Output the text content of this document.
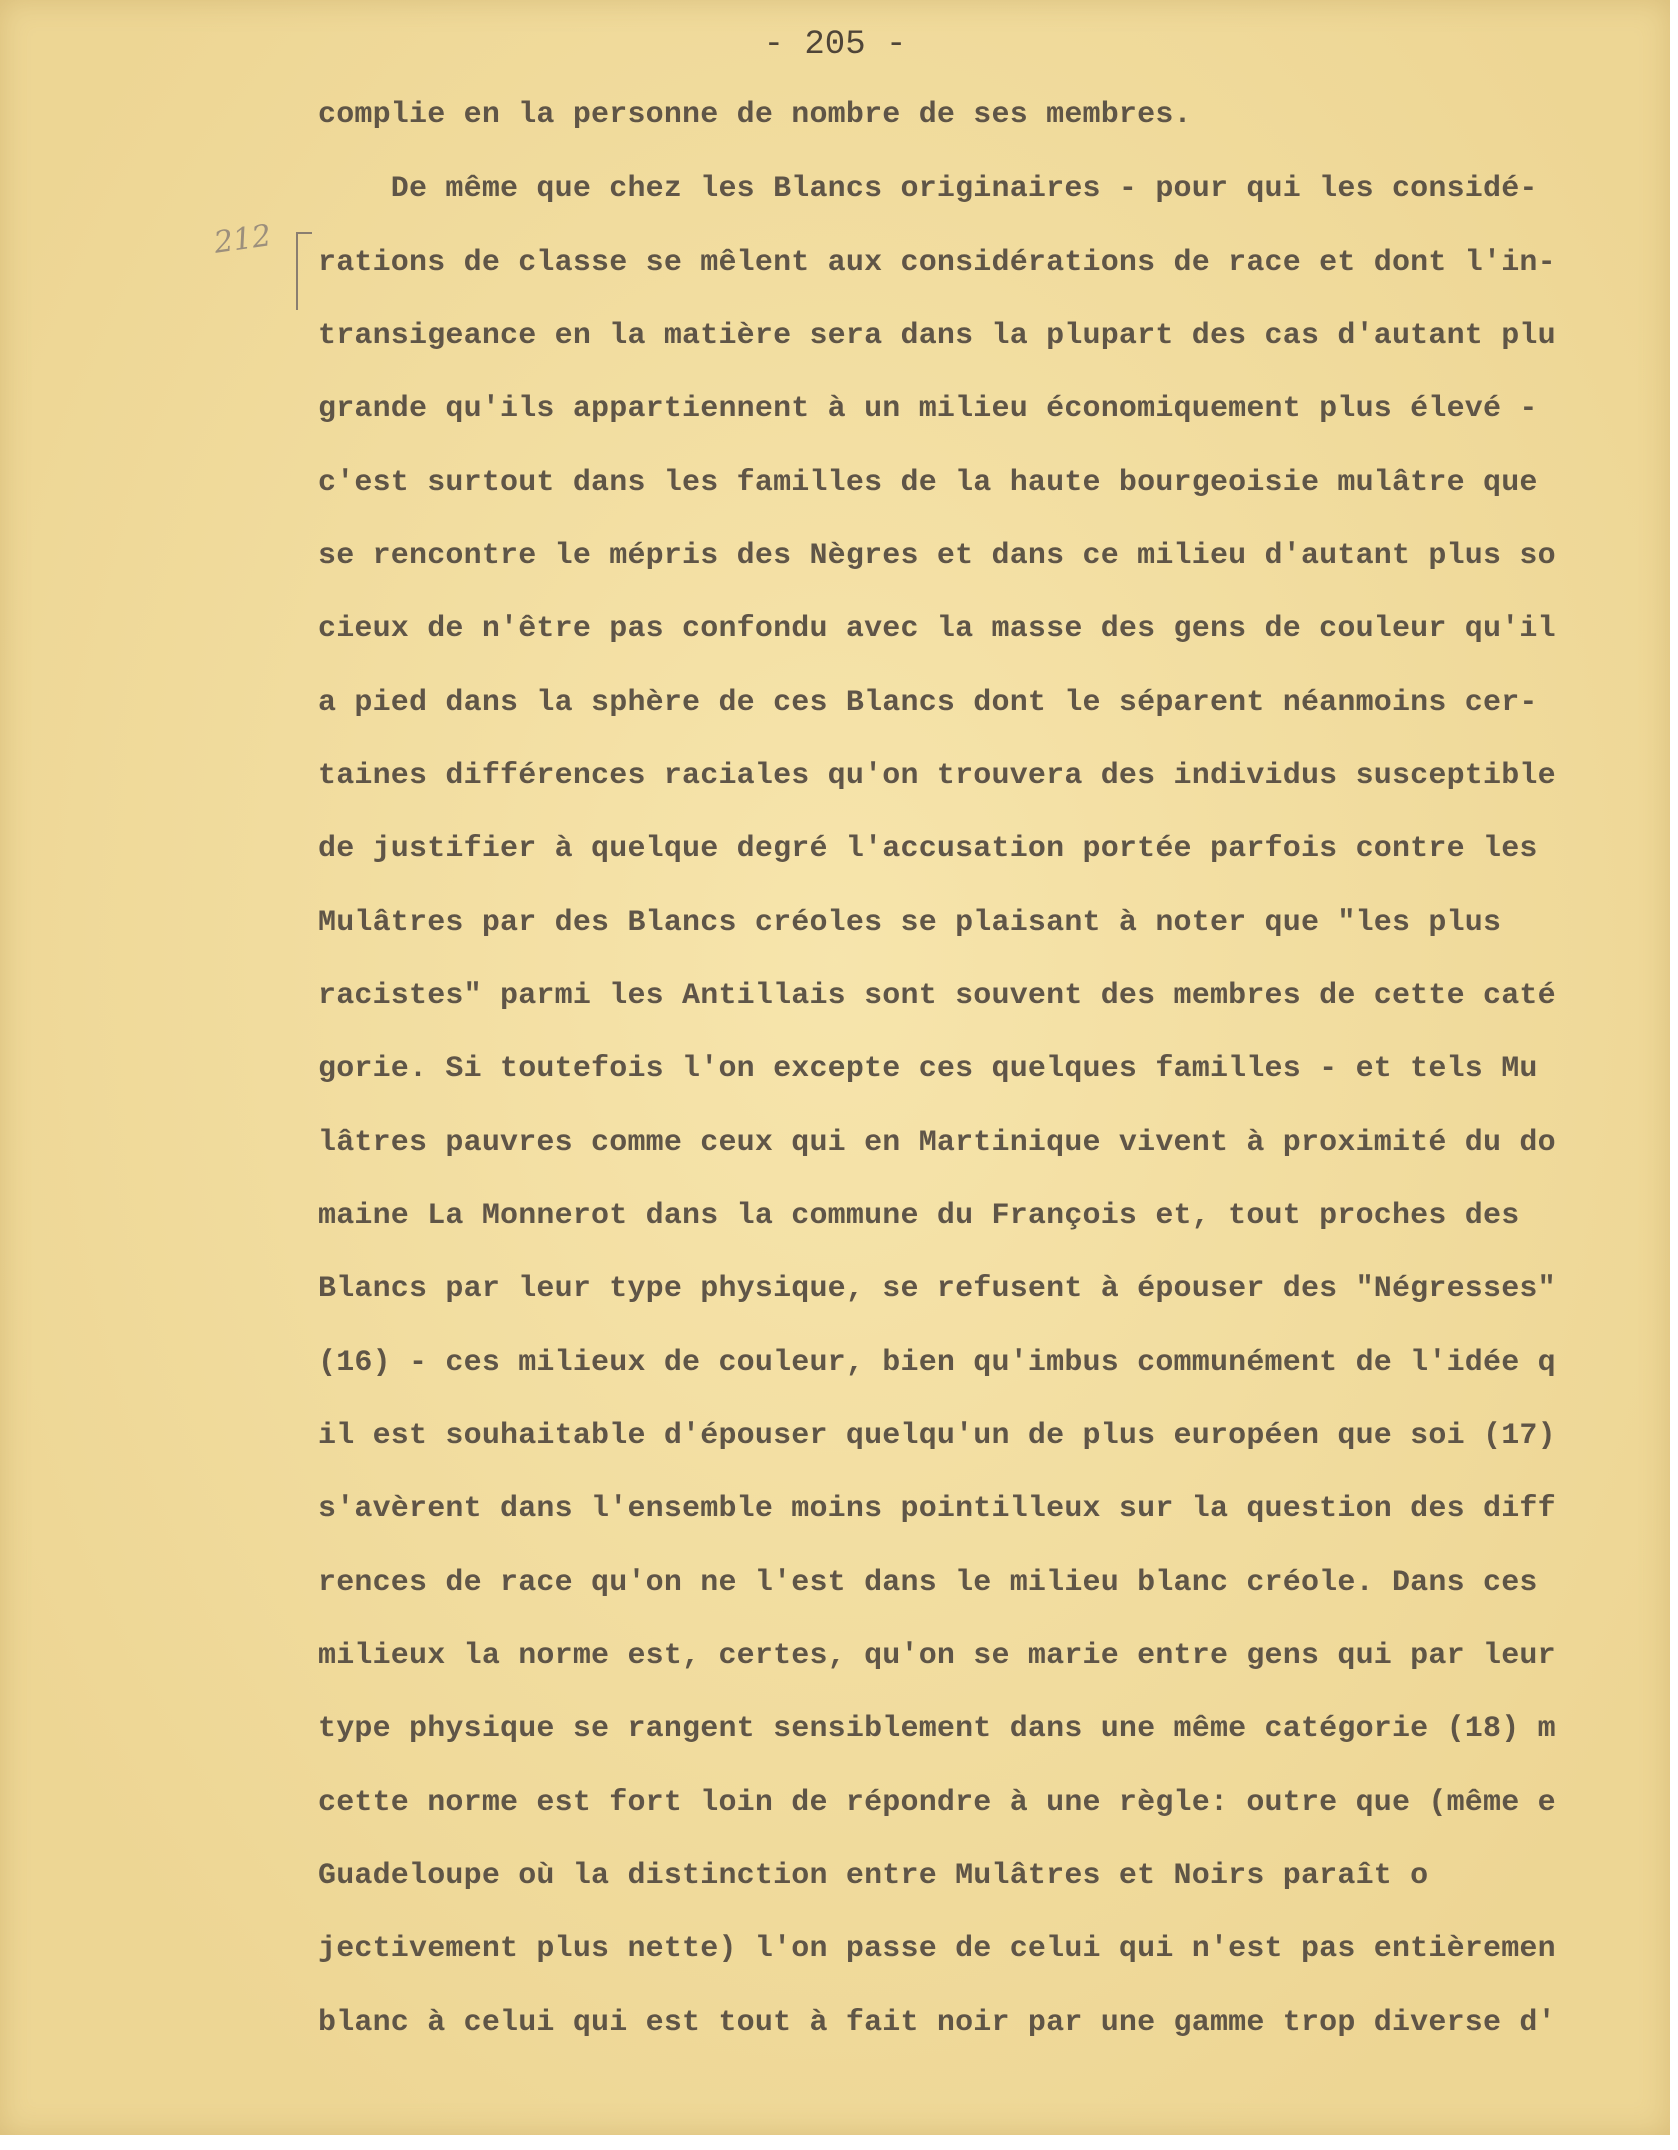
- 205 -
212

complie en la personne de nombre de ses membres.

De même que chez les Blancs originaires - pour qui les considé-

rations de classe se mêlent aux considérations de race et dont l'in-

transigeance en la matière sera dans la plupart des cas d'autant plu

grande qu'ils appartiennent à un milieu économiquement plus élevé -

c'est surtout dans les familles de la haute bourgeoisie mulâtre que

se rencontre le mépris des Nègres et dans ce milieu d'autant plus so

cieux de n'être pas confondu avec la masse des gens de couleur qu'il

a pied dans la sphère de ces Blancs dont le séparent néanmoins cer-

taines différences raciales qu'on trouvera des individus susceptible

de justifier à quelque degré l'accusation portée parfois contre les

Mulâtres par des Blancs créoles se plaisant à noter que "les plus

racistes" parmi les Antillais sont souvent des membres de cette caté

gorie. Si toutefois l'on excepte ces quelques familles - et tels Mu

lâtres pauvres comme ceux qui en Martinique vivent à proximité du do

maine La Monnerot dans la commune du François et, tout proches des

Blancs par leur type physique, se refusent à épouser des "Négresses"

(16) - ces milieux de couleur, bien qu'imbus communément de l'idée q

il est souhaitable d'épouser quelqu'un de plus européen que soi (17)

s'avèrent dans l'ensemble moins pointilleux sur la question des diff

rences de race qu'on ne l'est dans le milieu blanc créole. Dans ces

milieux la norme est, certes, qu'on se marie entre gens qui par leur

type physique se rangent sensiblement dans une même catégorie (18) m

cette norme est fort loin de répondre à une règle: outre que (même e

Guadeloupe où la distinction entre Mulâtres et Noirs paraît o

jectivement plus nette) l'on passe de celui qui n'est pas entièremen

blanc à celui qui est tout à fait noir par une gamme trop diverse d'
